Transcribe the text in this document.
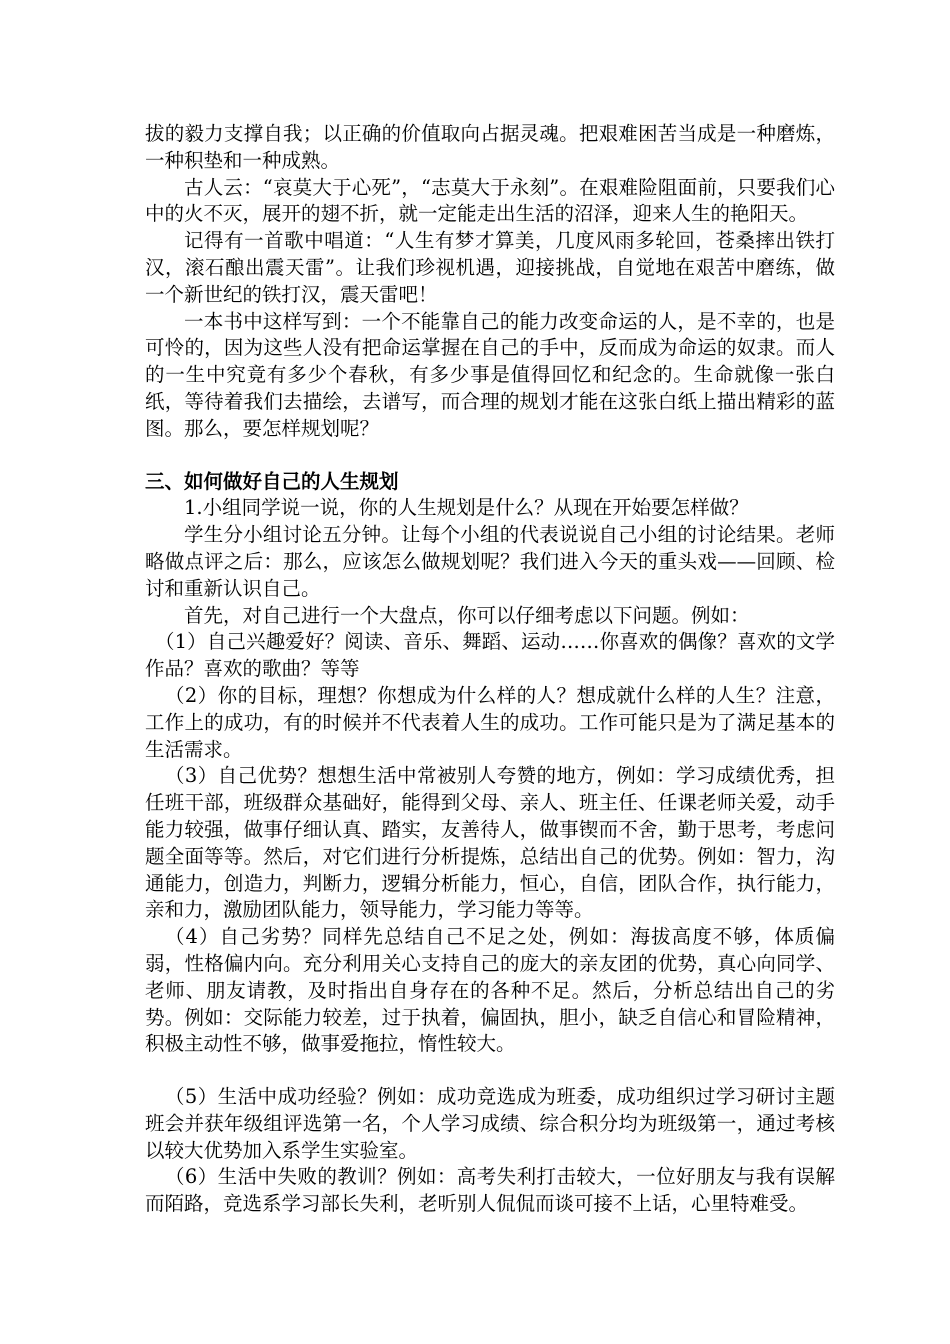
拔的毅力支撑自我；以正确的价值取向占据灵魂。把艰难困苦当成是一种磨炼，一种积垫和一种成熟。

古人云：“哀莫大于心死”，“志莫大于永刻”。在艰难险阻面前，只要我们心中的火不灭，展开的翅不折，就一定能走出生活的沼泽，迎来人生的艳阳天。

记得有一首歌中唱道：“人生有梦才算美，几度风雨多轮回，苍桑摔出铁打汉，滚石酿出震天雷”。让我们珍视机遇，迎接挑战，自觉地在艰苦中磨练，做一个新世纪的铁打汉，震天雷吧！

一本书中这样写到：一个不能靠自己的能力改变命运的人，是不幸的，也是可怜的，因为这些人没有把命运掌握在自己的手中，反而成为命运的奴隶。而人的一生中究竟有多少个春秋，有多少事是值得回忆和纪念的。生命就像一张白纸，等待着我们去描绘，去谱写，而合理的规划才能在这张白纸上描出精彩的蓝图。那么，要怎样规划呢？

三、如何做好自己的人生规划

1.小组同学说一说，你的人生规划是什么？从现在开始要怎样做？

学生分小组讨论五分钟。让每个小组的代表说说自己小组的讨论结果。老师略做点评之后：那么，应该怎么做规划呢？我们进入今天的重头戏——回顾、检讨和重新认识自己。

首先，对自己进行一个大盘点，你可以仔细考虑以下问题。例如：

（1）自己兴趣爱好？阅读、音乐、舞蹈、运动……你喜欢的偶像？喜欢的文学作品？喜欢的歌曲？等等

（2）你的目标，理想？你想成为什么样的人？想成就什么样的人生？注意，工作上的成功，有的时候并不代表着人生的成功。工作可能只是为了满足基本的生活需求。

（3）自己优势？想想生活中常被别人夸赞的地方，例如：学习成绩优秀，担任班干部，班级群众基础好，能得到父母、亲人、班主任、任课老师关爱，动手能力较强，做事仔细认真、踏实，友善待人，做事锲而不舍，勤于思考，考虑问题全面等等。然后，对它们进行分析提炼，总结出自己的优势。例如：智力，沟通能力，创造力，判断力，逻辑分析能力，恒心，自信，团队合作，执行能力，亲和力，激励团队能力，领导能力，学习能力等等。

（4）自己劣势？同样先总结自己不足之处，例如：海拔高度不够，体质偏弱，性格偏内向。充分利用关心支持自己的庞大的亲友团的优势，真心向同学、老师、朋友请教，及时指出自身存在的各种不足。然后，分析总结出自己的劣势。例如：交际能力较差，过于执着，偏固执，胆小，缺乏自信心和冒险精神，积极主动性不够，做事爱拖拉，惰性较大。

（5）生活中成功经验？例如：成功竞选成为班委，成功组织过学习研讨主题班会并获年级组评选第一名，个人学习成绩、综合积分均为班级第一，通过考核以较大优势加入系学生实验室。

（6）生活中失败的教训？例如：高考失利打击较大，一位好朋友与我有误解而陌路，竞选系学习部长失利，老听别人侃侃而谈可接不上话，心里特难受。
